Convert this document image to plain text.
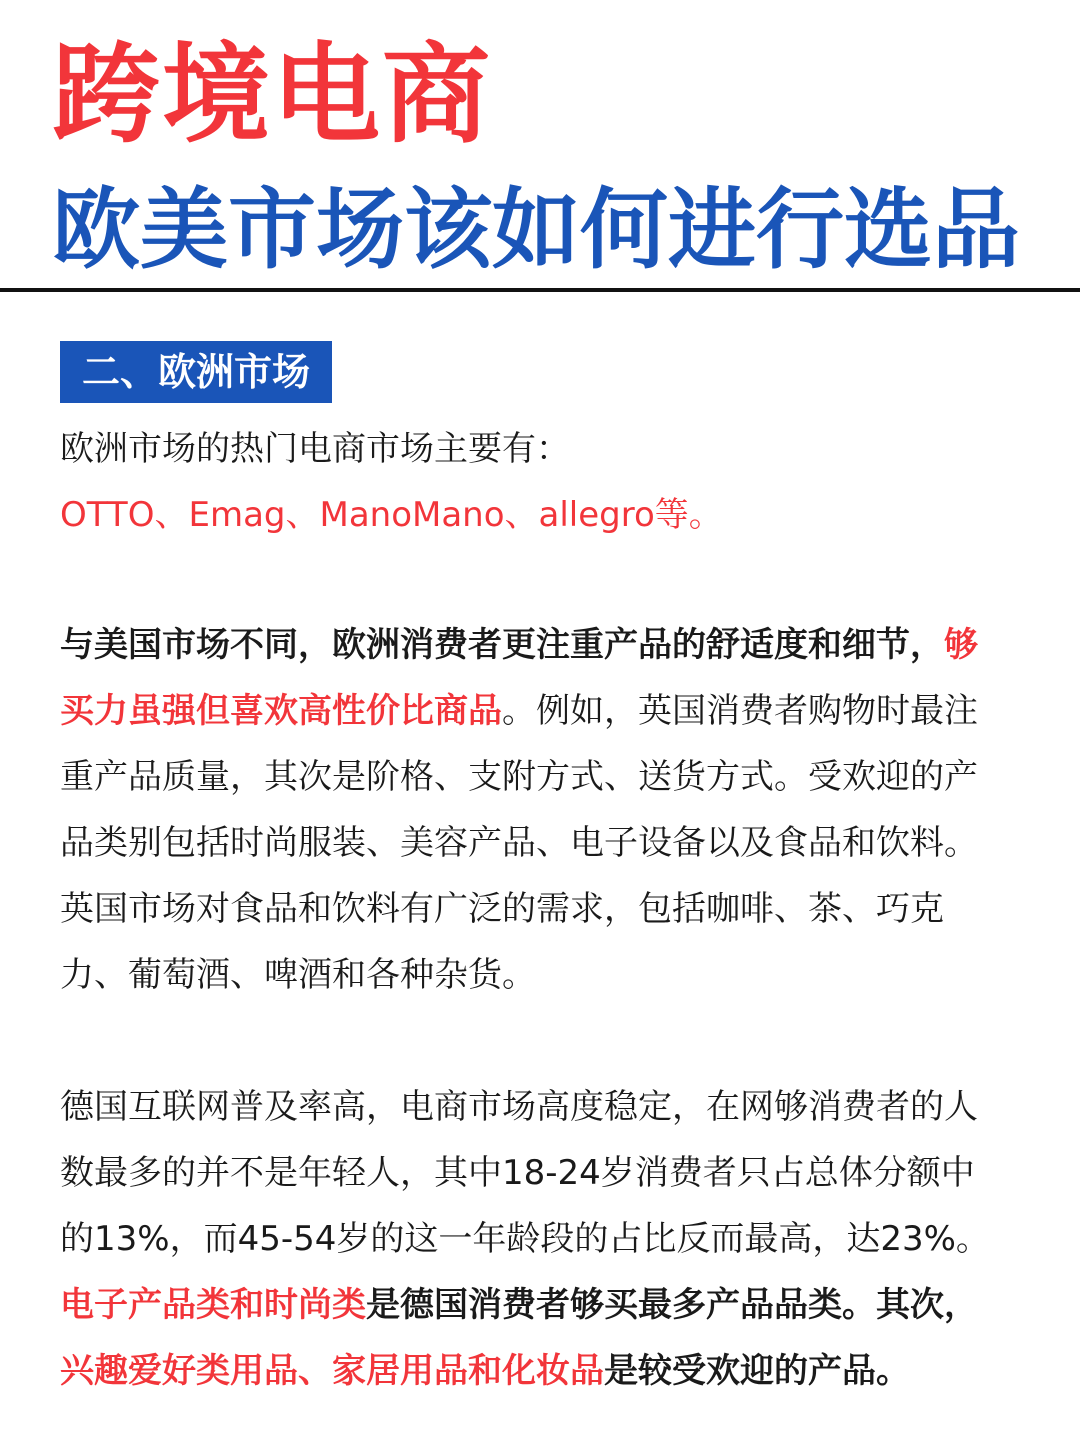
跨境电商
欧美市场该如何进行选品
二、欧洲市场
欧洲市场的热门电商市场主要有：
OTTO、Emag、ManoMano、allegro等。
与美国市场不同，欧洲消费者更注重产品的舒适度和细节，够
买力虽强但喜欢高性价比商品。例如，英国消费者购物时最注
重产品质量，其次是阶格、支附方式、送货方式。受欢迎的产
品类别包括时尚服装、美容产品、电子设备以及食品和饮料。
英国市场对食品和饮料有广泛的需求，包括咖啡、茶、巧克
力、葡萄酒、啤酒和各种杂货。
德国互联网普及率高，电商市场高度稳定，在网够消费者的人
数最多的并不是年轻人，其中18-24岁消费者只占总体分额中
的13%，而45-54岁的这一年龄段的占比反而最高，达23%。
电子产品类和时尚类是德国消费者够买最多产品品类。其次，
兴趣爱好类用品、家居用品和化妆品是较受欢迎的产品。
